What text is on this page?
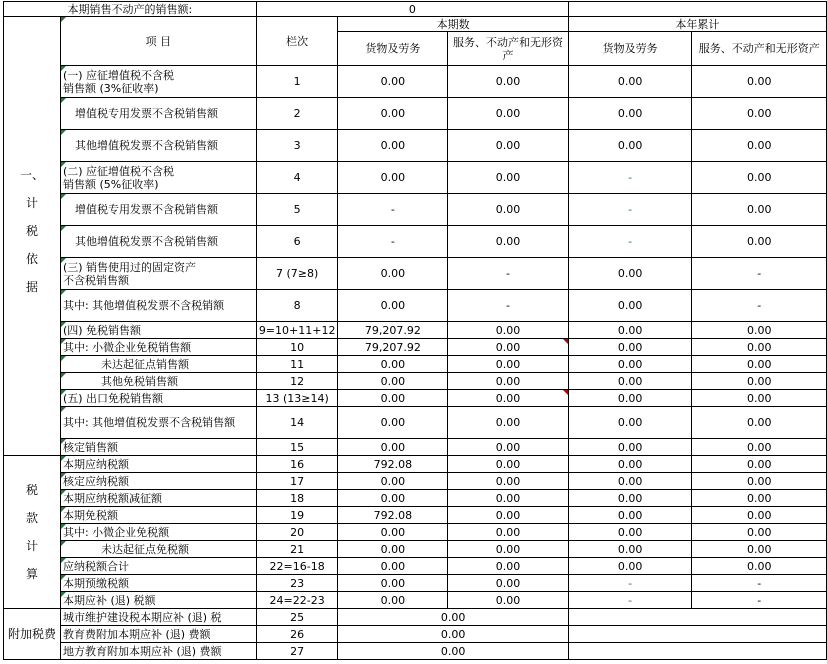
本期销售不动产的销售额:		0				

一、
计
税
依
据	项 目	栏次	本期数		本年累计	
			货物及劳务	服务、不动产和无形资产	货物及劳务	服务、不动产和无形资产
	(一) 应征增值税不含税
销售额 (3%征收率)	1	0.00	0.00	0.00	0.00
	增值税专用发票不含税销售额	2	0.00	0.00	0.00	0.00
	其他增值税发票不含税销售额	3	0.00	0.00	0.00	0.00
	(二) 应征增值税不含税
销售额 (5%征收率)	4	0.00	0.00	-	0.00
	增值税专用发票不含税销售额	5	-	0.00	-	0.00
	其他增值税发票不含税销售额	6	-	0.00	-	0.00
	(三) 销售使用过的固定资产
不含税销售额	7 (7≥8)	0.00	-	0.00	-
	其中: 其他增值税发票不含税销额	8	0.00	-	0.00	-
	(四) 免税销售额	9=10+11+12	79,207.92	0.00	0.00	0.00
	其中: 小微企业免税销售额	10	79,207.92	0.00	0.00	0.00
	未达起征点销售额	11	0.00	0.00	0.00	0.00
	其他免税销售额	12	0.00	0.00	0.00	0.00
	(五) 出口免税销售额	13 (13≥14)	0.00	0.00	0.00	0.00
	其中: 其他增值税发票不含税销售额	14	0.00	0.00	0.00	0.00
	核定销售额	15	0.00	0.00	0.00	0.00

税
款
计
算	本期应纳税额	16	792.08	0.00	0.00	0.00
	核定应纳税额	17	0.00	0.00	0.00	0.00
	本期应纳税额减征额	18	0.00	0.00	0.00	0.00
	本期免税额	19	792.08	0.00	0.00	0.00
	其中: 小微企业免税额	20	0.00	0.00	0.00	0.00
	未达起征点免税额	21	0.00	0.00	0.00	0.00
	应纳税额合计	22=16-18	0.00	0.00	0.00	0.00
	本期预缴税额	23	0.00	0.00	-	-
	本期应补 (退) 税额	24=22-23	0.00	0.00	-	-
附加税费	城市维护建设税本期应补 (退) 税	25	0.00			
	教育费附加本期应补 (退) 费额	26	0.00			
	地方教育附加本期应补 (退) 费额	27	0.00			
